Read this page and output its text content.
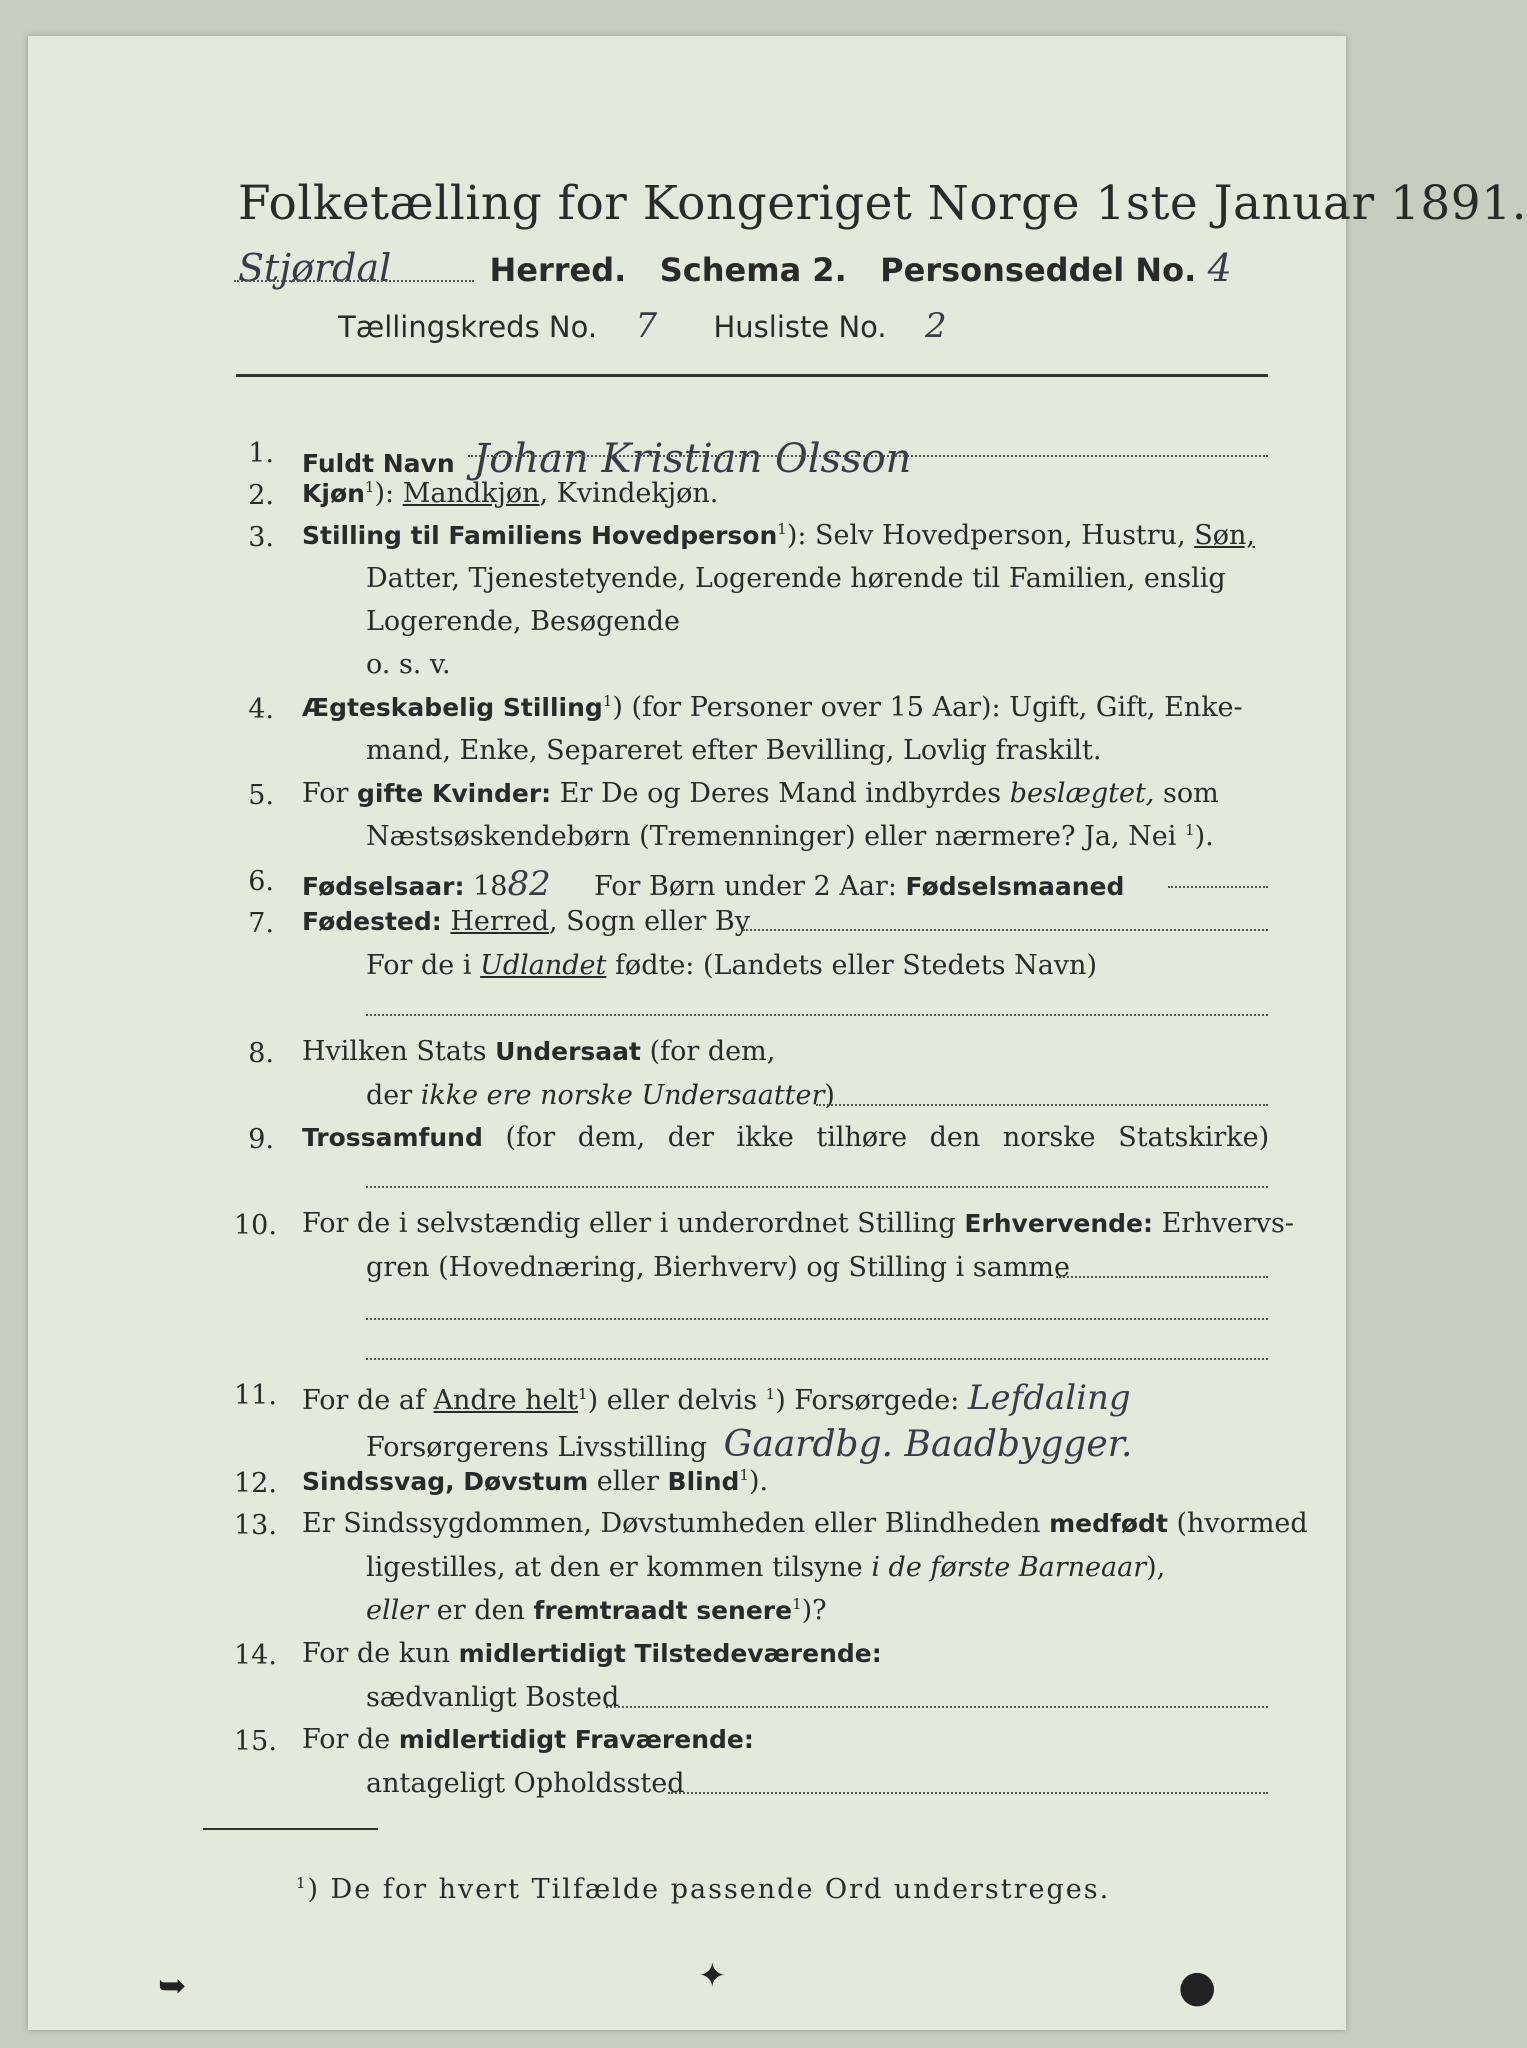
Folketælling for Kongeriget Norge 1ste Januar 1891.
Stjørdal	Herred. Schema 2. Personseddel No. 4
Tællingskreds No. 7 Husliste No. 2
1. Fuldt Navn Johan Kristian Olsson
2. Kjøn$^1$): Mandkjøn, Kvindekjøn.
3. Stilling til Familiens Hovedperson$^1$): Selv Hovedperson, Hustru, Søn,
Datter, Tjenestetyende, Logerende hørende til Familien, enslig
Logerende, Besøgende
o. s. v.
4. Ægteskabelig Stilling$^1$) (for Personer over 15 Aar): Ugift, Gift, Enke-
mand, Enke, Separeret efter Bevilling, Lovlig fraskilt.
5. For gifte Kvinder: Er De og Deres Mand indbyrdes beslægtet, som
Næstsøskendebørn (Tremenninger) eller nærmere? Ja, Nei $^1$).
6. Fødselsaar: 1882 For Børn under 2 Aar: Fødselsmaaned
7. Fødested: Herred, Sogn eller By
For de i Udlandet fødte: (Landets eller Stedets Navn)
8. Hvilken Stats Undersaat (for dem,
der ikke ere norske Undersaatter)
9. Trossamfund (for dem, der ikke tilhøre den norske Statskirke)
10. For de i selvstændig eller i underordnet Stilling Erhvervende: Erhvervs-
gren (Hovednæring, Bierhverv) og Stilling i samme
11. For de af Andre helt$^1$) eller delvis $^1$) Forsørgede: Lefdaling
Forsørgerens Livsstilling Gaardbg. Baadbygger.
12. Sindssvag, Døvstum eller Blind$^1$).
13. Er Sindssygdommen, Døvstumheden eller Blindheden medfødt (hvormed
ligestilles, at den er kommen tilsyne i de første Barneaar),
eller er den fremtraadt senere$^1$)?
14. For de kun midlertidigt Tilstedeværende:
sædvanligt Bosted
15. For de midlertidigt Fraværende:
antageligt Opholdssted
$^1$) De for hvert Tilfælde passende Ord understreges.
➥	✦	●
